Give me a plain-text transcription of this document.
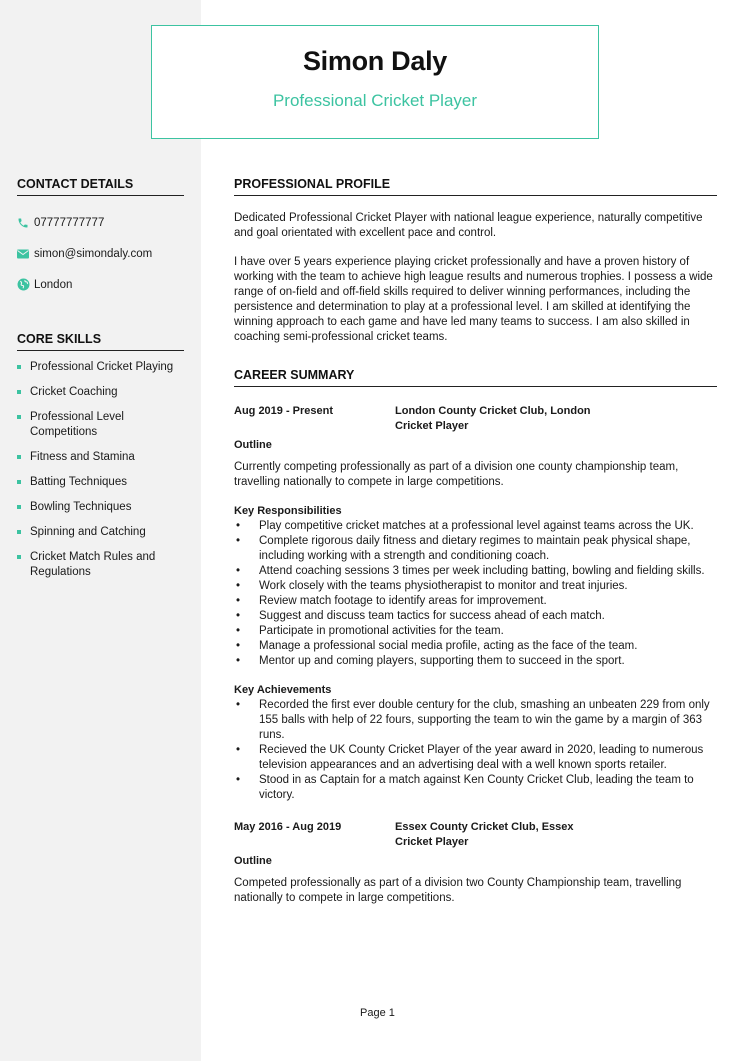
Simon Daly
Professional Cricket Player
CONTACT DETAILS
07777777777
simon@simondaly.com
London
CORE SKILLS
Professional Cricket Playing
Cricket Coaching
Professional Level Competitions
Fitness and Stamina
Batting Techniques
Bowling Techniques
Spinning and Catching
Cricket Match Rules and Regulations
PROFESSIONAL PROFILE

Dedicated Professional Cricket Player with national league experience, naturally competitive and goal orientated with excellent pace and control.

I have over 5 years experience playing cricket professionally and have a proven history of working with the team to achieve high league results and numerous trophies. I possess a wide range of on-field and off-field skills required to deliver winning performances, including the persistence and determination to play at a professional level. I am skilled at identifying the winning approach to each game and have led many teams to success. I am also skilled in coaching semi-professional cricket teams.

CAREER SUMMARY
Aug 2019 - Present	London County Cricket Club, London
Cricket Player
Outline

Currently competing professionally as part of a division one county championship team, travelling nationally to compete in large competitions.

Key Responsibilities
• Play competitive cricket matches at a professional level against teams across the UK.
• Complete rigorous daily fitness and dietary regimes to maintain peak physical shape, including working with a strength and conditioning coach.
• Attend coaching sessions 3 times per week including batting, bowling and fielding skills.
• Work closely with the teams physiotherapist to monitor and treat injuries.
• Review match footage to identify areas for improvement.
• Suggest and discuss team tactics for success ahead of each match.
• Participate in promotional activities for the team.
• Manage a professional social media profile, acting as the face of the team.
• Mentor up and coming players, supporting them to succeed in the sport.
Key Achievements
• Recorded the first ever double century for the club, smashing an unbeaten 229 from only 155 balls with help of 22 fours, supporting the team to win the game by a margin of 363 runs.
• Recieved the UK County Cricket Player of the year award in 2020, leading to numerous television appearances and an advertising deal with a well known sports retailer.
• Stood in as Captain for a match against Ken County Cricket Club, leading the team to victory.
May 2016 - Aug 2019	Essex County Cricket Club, Essex
Cricket Player
Outline

Competed professionally as part of a division two County Championship team, travelling nationally to compete in large competitions.

Page 1
